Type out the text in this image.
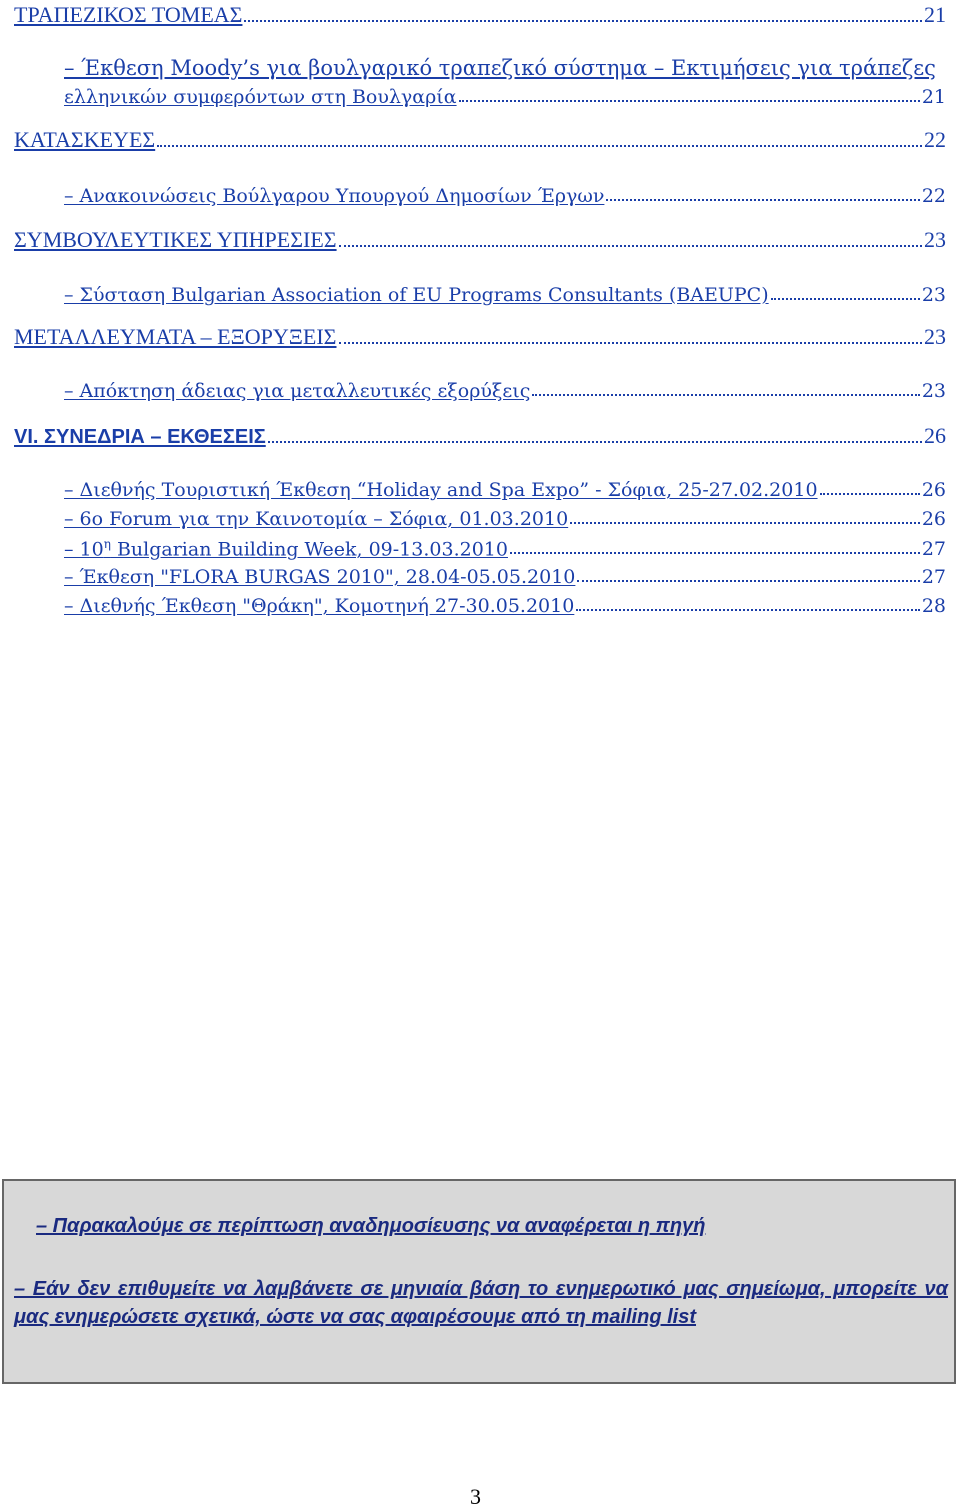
ΤΡΑΠΕΖΙΚΟΣ ΤΟΜΕΑΣ	21
– Έκθεση Moody’s για βουλγαρικό τραπεζικό σύστημα – Εκτιμήσεις για τράπεζες
ελληνικών συμφερόντων στη Βουλγαρία	21
ΚΑΤΑΣΚΕΥΕΣ	22
– Ανακοινώσεις Βούλγαρου Υπουργού Δημοσίων Έργων	22
ΣΥΜΒΟΥΛΕΥΤΙΚΕΣ ΥΠΗΡΕΣΙΕΣ	23
– Σύσταση Bulgarian Association of EU Programs Consultants (BAEUPC)	23
ΜΕΤΑΛΛΕΥΜΑΤΑ – ΕΞΟΡΥΞΕΙΣ	23
– Απόκτηση άδειας για μεταλλευτικές εξορύξεις	23
VI. ΣΥΝΕΔΡΙΑ – ΕΚΘΕΣΕΙΣ	26
– Διεθνής Τουριστική Έκθεση “Holiday and Spa Expo” - Σόφια, 25-27.02.2010	26
– 6ο Forum για την Καινοτομία – Σόφια, 01.03.2010	26
– $10^\eta$ Bulgarian Building Week, 09-13.03.2010	27
– Έκθεση "FLORA BURGAS 2010", 28.04-05.05.2010	27
– Διεθνής Έκθεση "Θράκη", Κομοτηνή 27-30.05.2010	28

– Παρακαλούμε σε περίπτωση αναδημοσίευσης να αναφέρεται η πηγή

– Εάν δεν επιθυμείτε να λαμβάνετε σε μηνιαία βάση το ενημερωτικό μας σημείωμα, μπορείτε να μας ενημερώσετε σχετικά, ώστε να σας αφαιρέσουμε από τη mailing list

3
